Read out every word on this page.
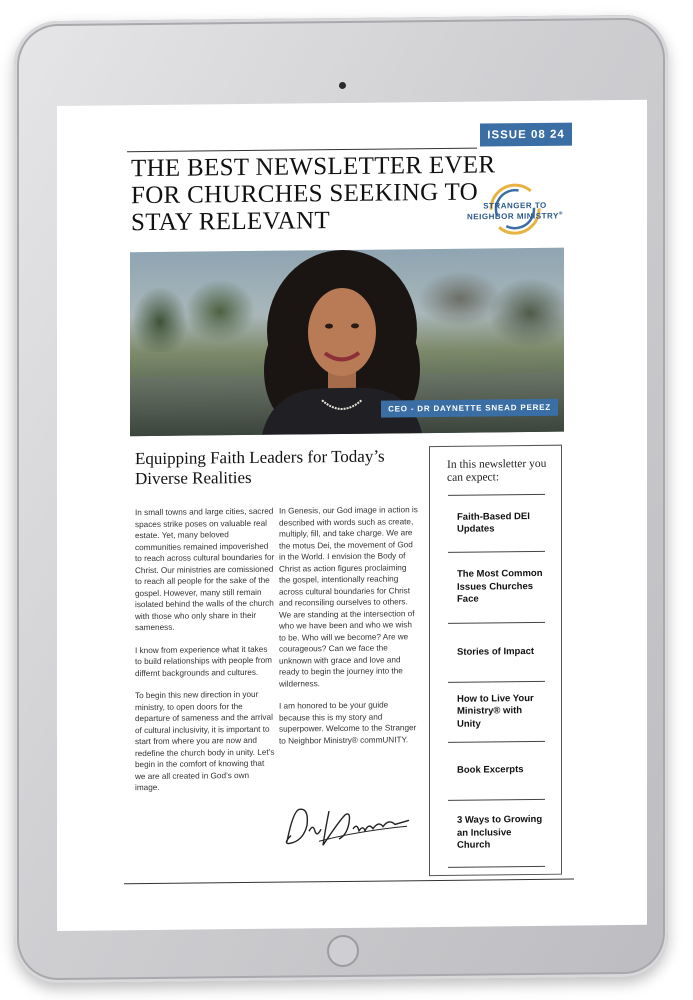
ISSUE 08 24
THE BEST NEWSLETTER EVER
FOR CHURCHES SEEKING TO
STAY RELEVANT
STRANGER TO
NEIGHBOR MINISTRY®
CEO - DR DAYNETTE SNEAD PEREZ
Equipping Faith Leaders for Today’s Diverse Realities

In small towns and large cities, sacred spaces strike poses on valuable real estate. Yet, many beloved communities remained impoverished to reach across cultural boundaries for Christ. Our ministries are comissioned to reach all people for the sake of the gospel. However, many still remain isolated behind the walls of the church with those who only share in their sameness.

I know from experience what it takes to build relationships with people from differnt backgrounds and cultures.

To begin this new direction in your ministry, to open doors for the departure of sameness and the arrival of cultural inclusivity, it is important to start from where you are now and redefine the church body in unity. Let’s begin in the comfort of knowing that we are all created in God’s own image.

In Genesis, our God image in action is described with words such as create, multiply, fill, and take charge. We are the motus Dei, the movement of God in the World. I envision the Body of Christ as action figures proclaiming the gospel, intentionally reaching across cultural boundaries for Christ and reconsiling ourselves to others. We are standing at the intersection of who we have been and who we wish to be. Who will we become? Are we courageous? Can we face the unknown with grace and love and ready to begin the journey into the wilderness.

I am honored to be your guide because this is my story and superpower. Welcome to the Stranger to Neighbor Ministry® commUNITY.

In this newsletter you can expect:
Faith-Based DEI Updates
The Most Common Issues Churches Face
Stories of Impact
How to Live Your Ministry® with Unity
Book Excerpts
3 Ways to Growing an Inclusive Church
